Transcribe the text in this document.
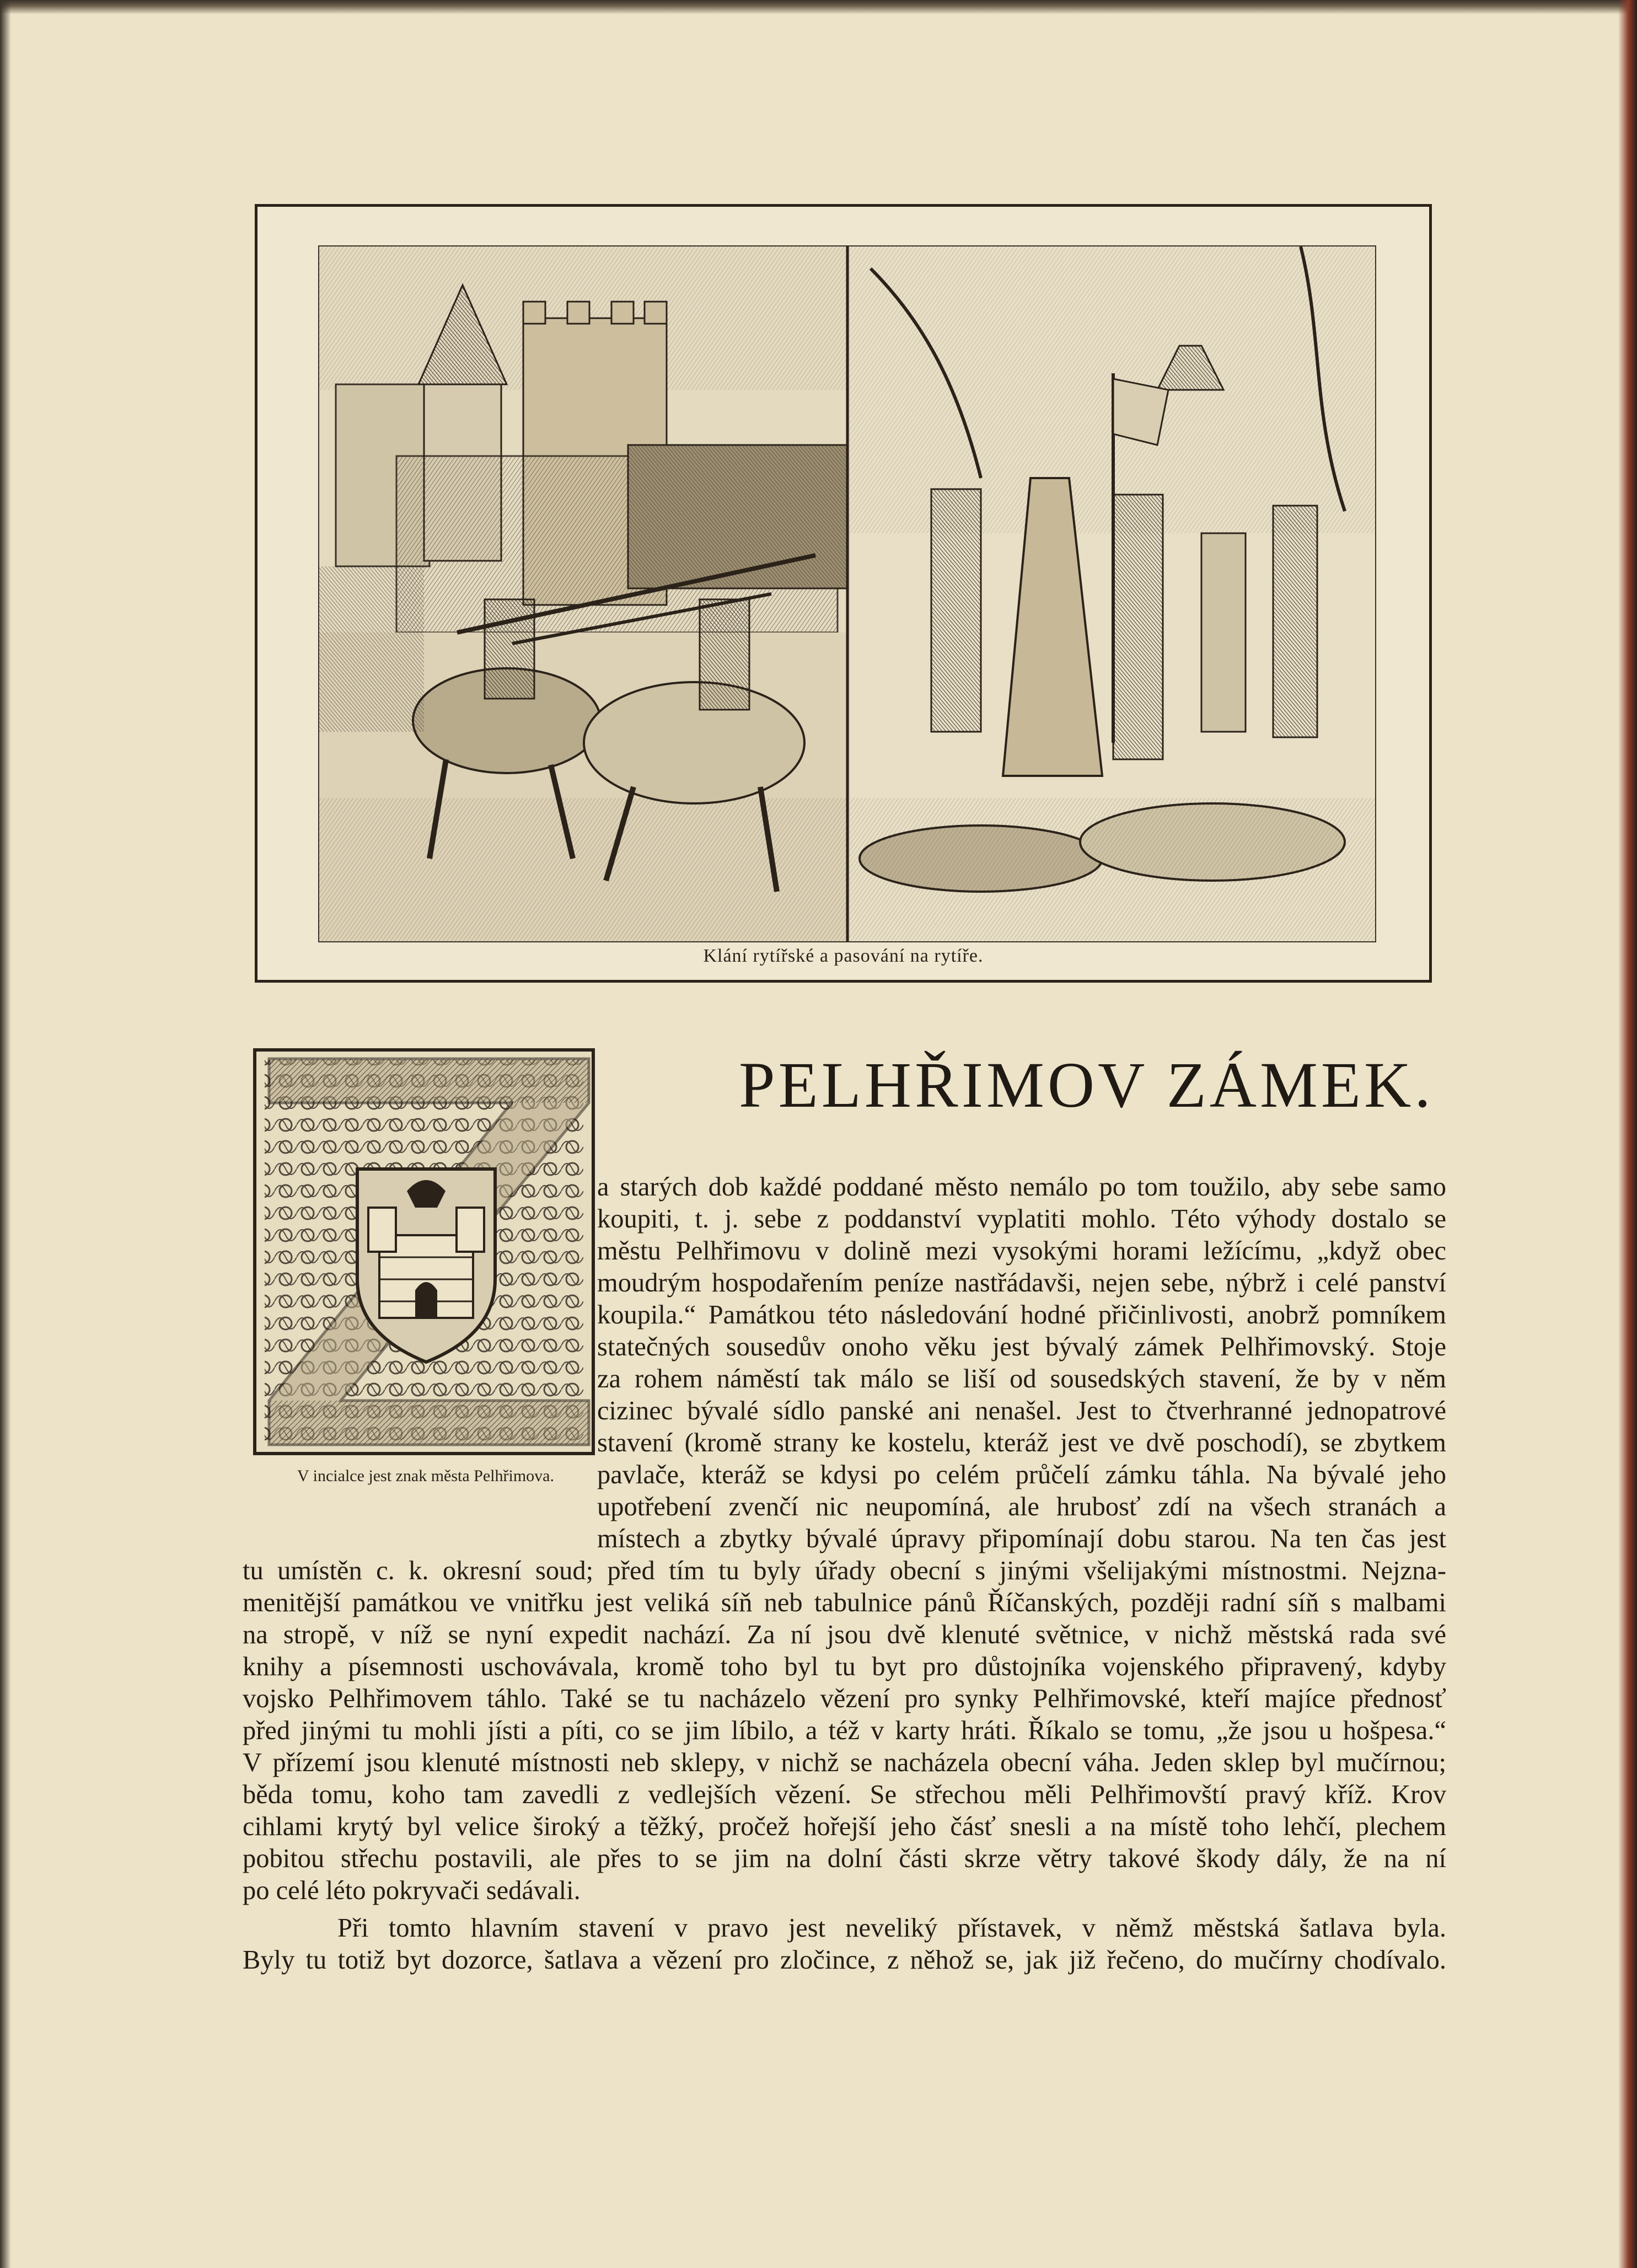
Klání rytířské a pasování na rytíře.
V incialce jest znak města Pelhřimova.
PELHŘIMOV ZÁMEK.
a starých dob každé poddané město nemálo po tom toužilo, aby sebe samo
koupiti, t. j. sebe z poddanství vyplatiti mohlo. Této výhody dostalo se
městu Pelhřimovu v dolině mezi vysokými horami ležícímu, „když obec
moudrým hospodařením peníze nastřádavši, nejen sebe, nýbrž i celé panství
koupila.“ Památkou této následování hodné přičinlivosti, anobrž pomníkem
statečných sousedův onoho věku jest bývalý zámek Pelhřimovský. Stoje
za rohem náměstí tak málo se liší od sousedských stavení, že by v něm
cizinec bývalé sídlo panské ani nenašel. Jest to čtverhranné jednopatrové
stavení (kromě strany ke kostelu, kteráž jest ve dvě poschodí), se zbytkem
pavlače, kteráž se kdysi po celém průčelí zámku táhla. Na bývalé jeho
upotřebení zvenčí nic neupomíná, ale hrubosť zdí na všech stranách a
místech a zbytky bývalé úpravy připomínají dobu starou. Na ten čas jest
tu umístěn c. k. okresní soud; před tím tu byly úřady obecní s jinými všelijakými místnostmi. Nejzna-
menitější památkou ve vnitřku jest veliká síň neb tabulnice pánů Říčanských, později radní síň s malbami
na stropě, v níž se nyní expedit nachází. Za ní jsou dvě klenuté světnice, v nichž městská rada své
knihy a písemnosti uschovávala, kromě toho byl tu byt pro důstojníka vojenského připravený, kdyby
vojsko Pelhřimovem táhlo. Také se tu nacházelo vězení pro synky Pelhřimovské, kteří majíce přednosť
před jinými tu mohli jísti a píti, co se jim líbilo, a též v karty hráti. Říkalo se tomu, „že jsou u hošpesa.“
V přízemí jsou klenuté místnosti neb sklepy, v nichž se nacházela obecní váha. Jeden sklep byl mučírnou;
běda tomu, koho tam zavedli z vedlejších vězení. Se střechou měli Pelhřimovští pravý kříž. Krov
cihlami krytý byl velice široký a těžký, pročež hořejší jeho čásť snesli a na místě toho lehčí, plechem
pobitou střechu postavili, ale přes to se jim na dolní části skrze větry takové škody dály, že na ní
po celé léto pokryvači sedávali.
Při tomto hlavním stavení v pravo jest neveliký přístavek, v němž městská šatlava byla.
Byly tu totiž byt dozorce, šatlava a vězení pro zločince, z něhož se, jak již řečeno, do mučírny chodívalo.
